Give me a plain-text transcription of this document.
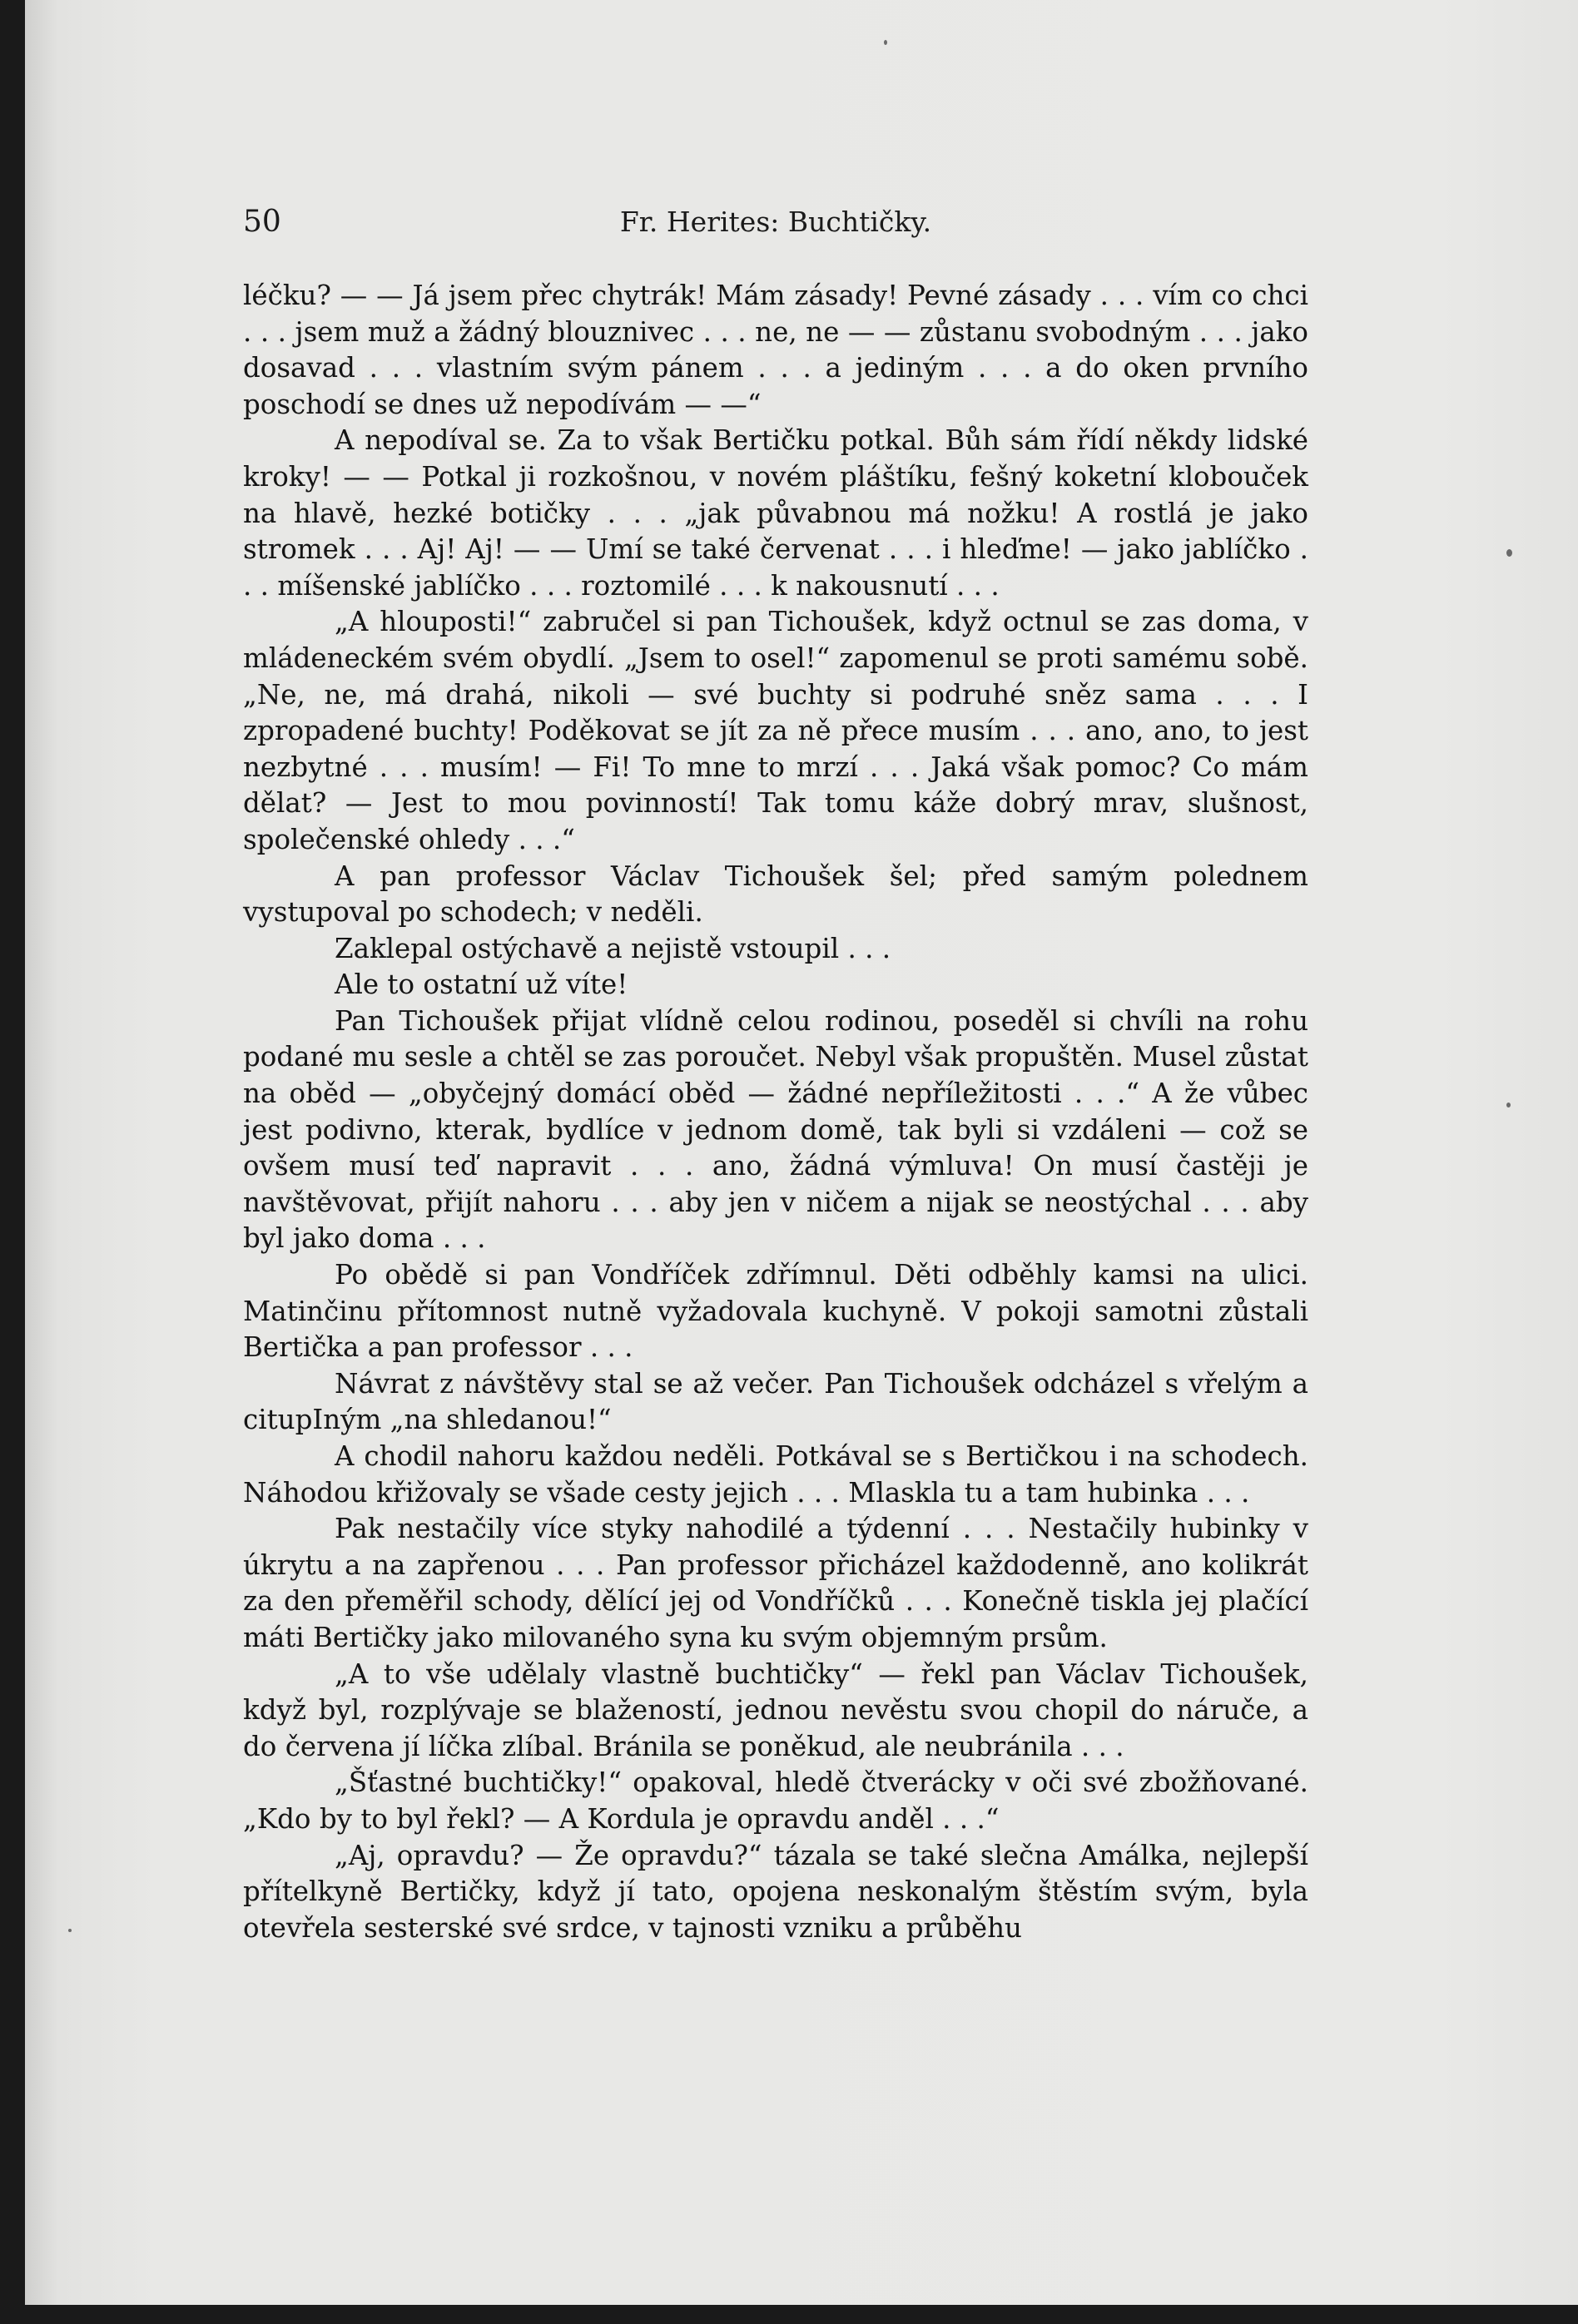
50	Fr. Herites: Buchtičky.

léčku? — — Já jsem přec chytrák! Mám zásady! Pevné zásady . . . vím co chci . . . jsem muž a žádný blouznivec . . . ne, ne — — zůstanu svobodným . . . jako dosavad . . . vlastním svým pánem . . . a jediným . . . a do oken prvního poschodí se dnes už nepodívám — —“

A nepodíval se. Za to však Bertičku potkal. Bůh sám řídí někdy lidské kroky! — — Potkal ji rozkošnou, v novém pláštíku, fešný koketní klobouček na hlavě, hezké botičky . . . „jak půvabnou má nožku! A rostlá je jako stromek . . . Aj! Aj! — — Umí se také červenat . . . i hleďme! — jako jablíčko . . . míšenské jablíčko . . . roztomilé . . . k nakousnutí . . .

„A hlouposti!“ zabručel si pan Tichoušek, když octnul se zas doma, v mládeneckém svém obydlí. „Jsem to osel!“ zapomenul se proti samému sobě. „Ne, ne, má drahá, nikoli — své buchty si podruhé sněz sama . . . I zpropadené buchty! Poděkovat se jít za ně přece musím . . . ano, ano, to jest nezbytné . . . musím! — Fi! To mne to mrzí . . . Jaká však pomoc? Co mám dělat? — Jest to mou povinností! Tak tomu káže dobrý mrav, slušnost, společenské ohledy . . .“

A pan professor Václav Tichoušek šel; před samým polednem vystupoval po schodech; v neděli.

Zaklepal ostýchavě a nejistě vstoupil . . .

Ale to ostatní už víte!

Pan Tichoušek přijat vlídně celou rodinou, poseděl si chvíli na rohu podané mu sesle a chtěl se zas poroučet. Nebyl však propuštěn. Musel zůstat na oběd — „obyčejný domácí oběd — žádné nepříležitosti . . .“ A že vůbec jest podivno, kterak, bydlíce v jednom domě, tak byli si vzdáleni — což se ovšem musí teď napravit . . . ano, žádná výmluva! On musí častěji je navštěvovat, přijít nahoru . . . aby jen v ničem a nijak se neostýchal . . . aby byl jako doma . . .

Po obědě si pan Vondříček zdřímnul. Děti odběhly kamsi na ulici. Matinčinu přítomnost nutně vyžadovala kuchyně. V pokoji samotni zůstali Bertička a pan professor . . .

Návrat z návštěvy stal se až večer. Pan Tichoušek odcházel s vřelým a citupIným „na shledanou!“

A chodil nahoru každou neděli. Potkával se s Bertičkou i na schodech. Náhodou křižovaly se všade cesty jejich . . . Mlaskla tu a tam hubinka . . .

Pak nestačily více styky nahodilé a týdenní . . . Nestačily hubinky v úkrytu a na zapřenou . . . Pan professor přicházel každodenně, ano kolikrát za den přeměřil schody, dělící jej od Vondříčků . . . Konečně tiskla jej plačící máti Bertičky jako milovaného syna ku svým objemným prsům.

„A to vše udělaly vlastně buchtičky“ — řekl pan Václav Tichoušek, když byl, rozplývaje se blažeností, jednou nevěstu svou chopil do náruče, a do červena jí líčka zlíbal. Bránila se poněkud, ale neubránila . . .

„Šťastné buchtičky!“ opakoval, hledě čtverácky v oči své zbožňované. „Kdo by to byl řekl? — A Kordula je opravdu anděl . . .“

„Aj, opravdu? — Že opravdu?“ tázala se také slečna Amálka, nejlepší přítelkyně Bertičky, když jí tato, opojena neskonalým štěstím svým, byla otevřela sesterské své srdce, v tajnosti vzniku a průběhu
